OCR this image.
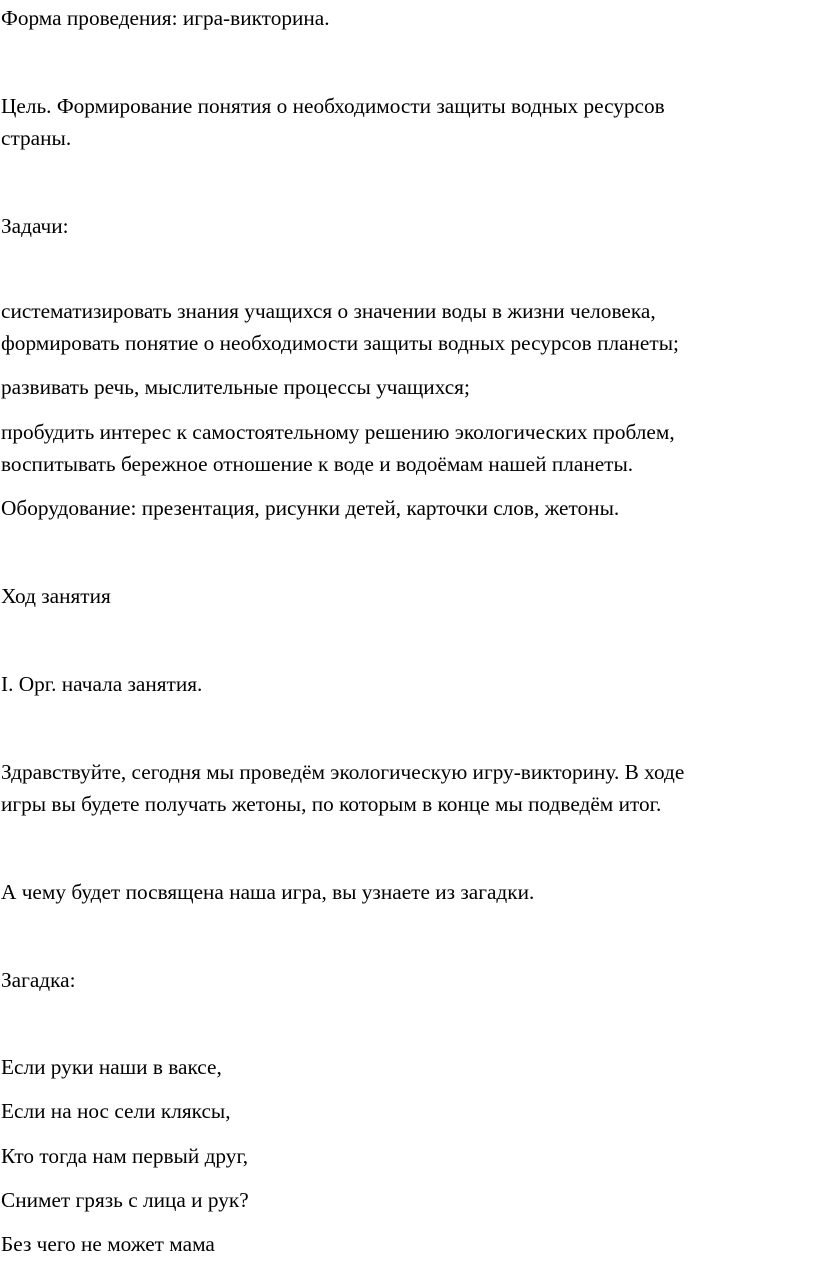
Форма проведения: игра-викторина.

Цель. Формирование понятия о необходимости защиты водных ресурсов

страны.

Задачи:

систематизировать знания учащихся о значении воды в жизни человека,

формировать понятие о необходимости защиты водных ресурсов планеты;

развивать речь, мыслительные процессы учащихся;

пробудить интерес к самостоятельному решению экологических проблем,

воспитывать бережное отношение к воде и водоёмам нашей планеты.

Оборудование: презентация, рисунки детей, карточки слов, жетоны.

Ход занятия

I. Орг. начала занятия.

Здравствуйте, сегодня мы проведём экологическую игру-викторину. В ходе

игры вы будете получать жетоны, по которым в конце мы подведём итог.

А чему будет посвящена наша игра, вы узнаете из загадки.

Загадка:

Если руки наши в ваксе,

Если на нос сели кляксы,

Кто тогда нам первый друг,

Снимет грязь с лица и рук?

Без чего не может мама
